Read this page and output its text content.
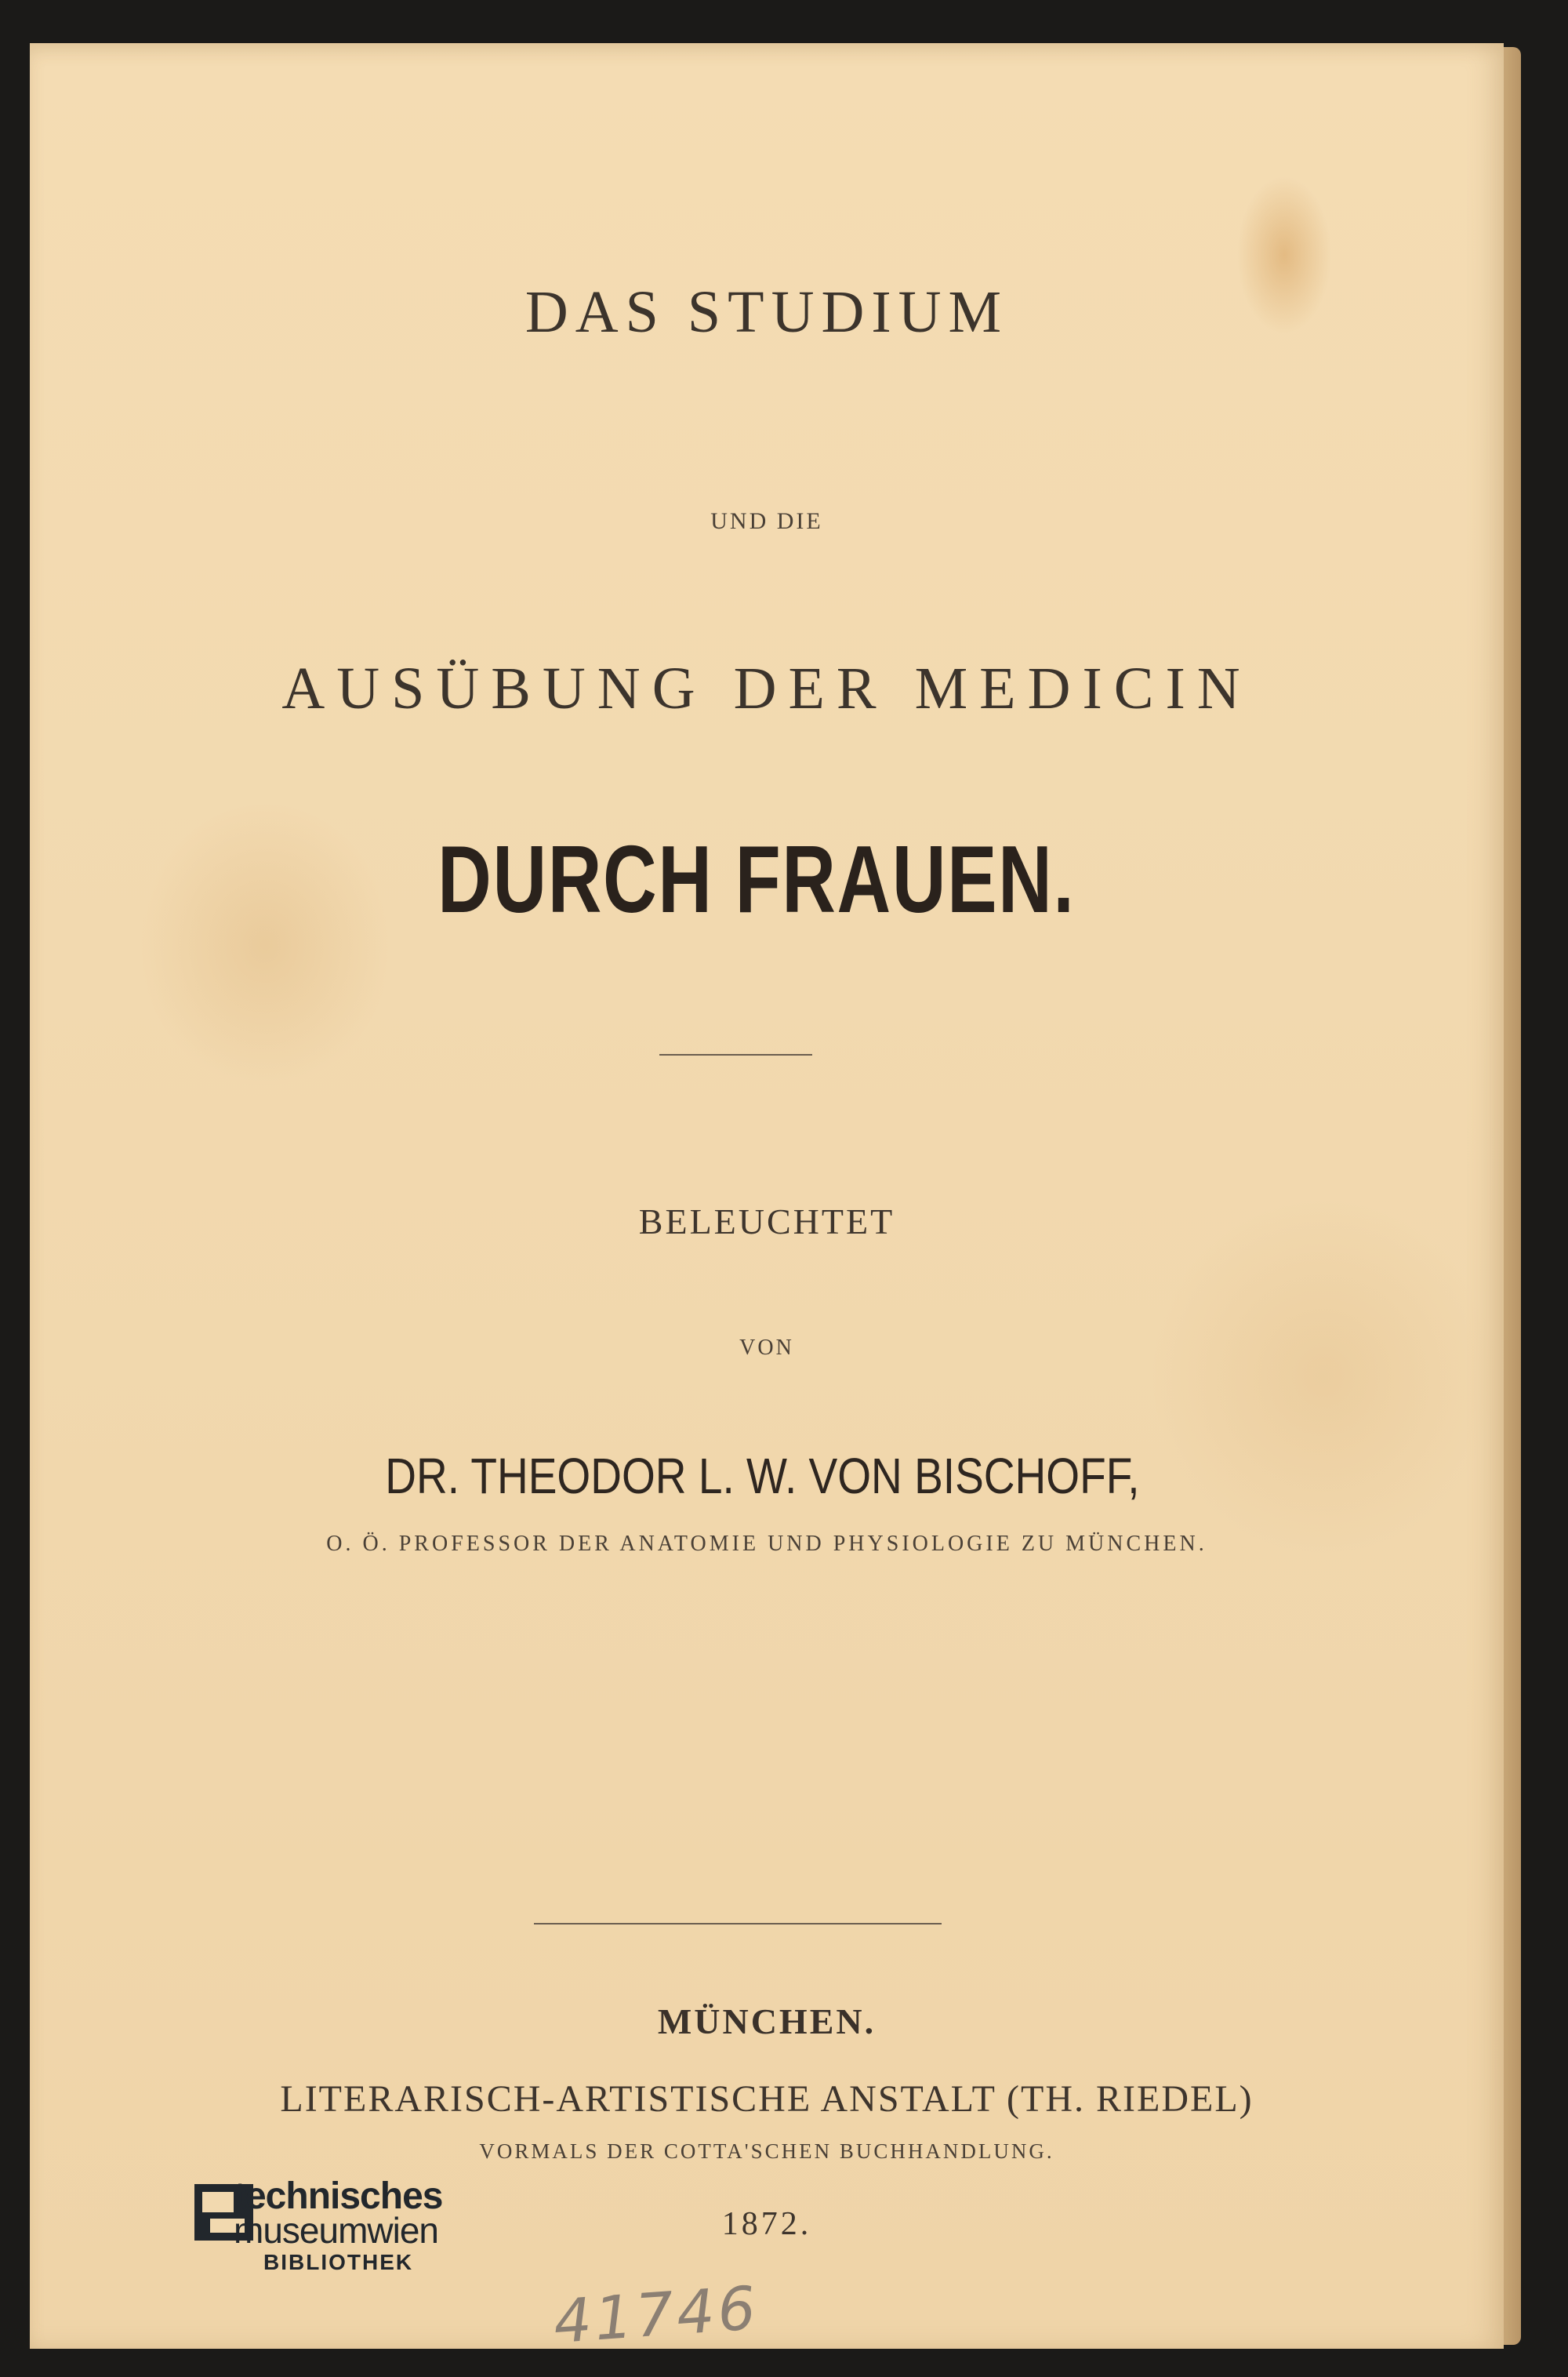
DAS STUDIUM
UND DIE
AUSÜBUNG DER MEDICIN
DURCH FRAUEN.
BELEUCHTET
VON
DR. THEODOR L. W. VON BISCHOFF,
O. Ö. PROFESSOR DER ANATOMIE UND PHYSIOLOGIE ZU MÜNCHEN.
MÜNCHEN.
LITERARISCH-ARTISTISCHE ANSTALT (TH. RIEDEL)
VORMALS DER COTTA'SCHEN BUCHHANDLUNG.
1872.
technisches
museumwien
BIBLIOTHEK
41746
